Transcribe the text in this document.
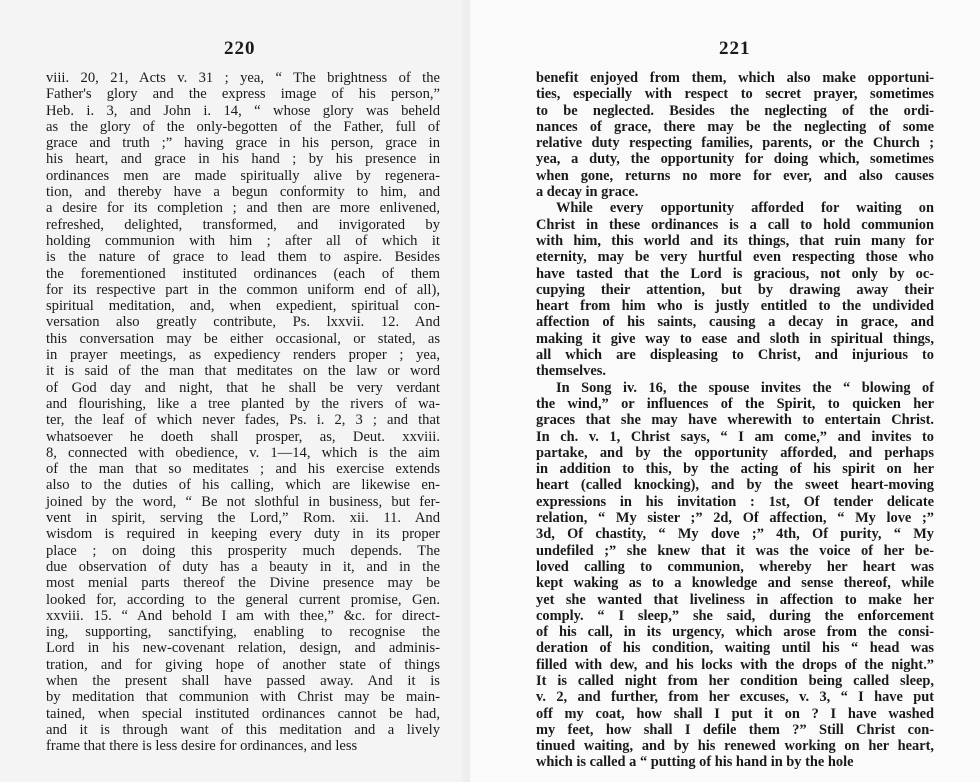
220
viii. 20, 21, Acts v. 31 ; yea, “ The brightness of the
Father's glory and the express image of his person,”
Heb. i. 3, and John i. 14, “ whose glory was beheld
as the glory of the only-begotten of the Father, full of
grace and truth ;” having grace in his person, grace in
his heart, and grace in his hand ; by his presence in
ordinances men are made spiritually alive by regenera-
tion, and thereby have a begun conformity to him, and
a desire for its completion ; and then are more enlivened,
refreshed, delighted, transformed, and invigorated by
holding communion with him ; after all of which it
is the nature of grace to lead them to aspire. Besides
the forementioned instituted ordinances (each of them
for its respective part in the common uniform end of all),
spiritual meditation, and, when expedient, spiritual con-
versation also greatly contribute, Ps. lxxvii. 12. And
this conversation may be either occasional, or stated, as
in prayer meetings, as expediency renders proper ; yea,
it is said of the man that meditates on the law or word
of God day and night, that he shall be very verdant
and flourishing, like a tree planted by the rivers of wa-
ter, the leaf of which never fades, Ps. i. 2, 3 ; and that
whatsoever he doeth shall prosper, as, Deut. xxviii.
8, connected with obedience, v. 1—14, which is the aim
of the man that so meditates ; and his exercise extends
also to the duties of his calling, which are likewise en-
joined by the word, “ Be not slothful in business, but fer-
vent in spirit, serving the Lord,” Rom. xii. 11. And
wisdom is required in keeping every duty in its proper
place ; on doing this prosperity much depends. The
due observation of duty has a beauty in it, and in the
most menial parts thereof the Divine presence may be
looked for, according to the general current promise, Gen.
xxviii. 15. “ And behold I am with thee,” &c. for direct-
ing, supporting, sanctifying, enabling to recognise the
Lord in his new-covenant relation, design, and adminis-
tration, and for giving hope of another state of things
when the present shall have passed away. And it is
by meditation that communion with Christ may be main-
tained, when special instituted ordinances cannot be had,
and it is through want of this meditation and a lively
frame that there is less desire for ordinances, and less
221
benefit enjoyed from them, which also make opportuni-
ties, especially with respect to secret prayer, sometimes
to be neglected. Besides the neglecting of the ordi-
nances of grace, there may be the neglecting of some
relative duty respecting families, parents, or the Church ;
yea, a duty, the opportunity for doing which, sometimes
when gone, returns no more for ever, and also causes
a decay in grace.
While every opportunity afforded for waiting on
Christ in these ordinances is a call to hold communion
with him, this world and its things, that ruin many for
eternity, may be very hurtful even respecting those who
have tasted that the Lord is gracious, not only by oc-
cupying their attention, but by drawing away their
heart from him who is justly entitled to the undivided
affection of his saints, causing a decay in grace, and
making it give way to ease and sloth in spiritual things,
all which are displeasing to Christ, and injurious to
themselves.
In Song iv. 16, the spouse invites the “ blowing of
the wind,” or influences of the Spirit, to quicken her
graces that she may have wherewith to entertain Christ.
In ch. v. 1, Christ says, “ I am come,” and invites to
partake, and by the opportunity afforded, and perhaps
in addition to this, by the acting of his spirit on her
heart (called knocking), and by the sweet heart-moving
expressions in his invitation : 1st, Of tender delicate
relation, “ My sister ;” 2d, Of affection, “ My love ;”
3d, Of chastity, “ My dove ;” 4th, Of purity, “ My
undefiled ;” she knew that it was the voice of her be-
loved calling to communion, whereby her heart was
kept waking as to a knowledge and sense thereof, while
yet she wanted that liveliness in affection to make her
comply. “ I sleep,” she said, during the enforcement
of his call, in its urgency, which arose from the consi-
deration of his condition, waiting until his “ head was
filled with dew, and his locks with the drops of the night.”
It is called night from her condition being called sleep,
v. 2, and further, from her excuses, v. 3, “ I have put
off my coat, how shall I put it on ? I have washed
my feet, how shall I defile them ?” Still Christ con-
tinued waiting, and by his renewed working on her heart,
which is called a “ putting of his hand in by the hole
